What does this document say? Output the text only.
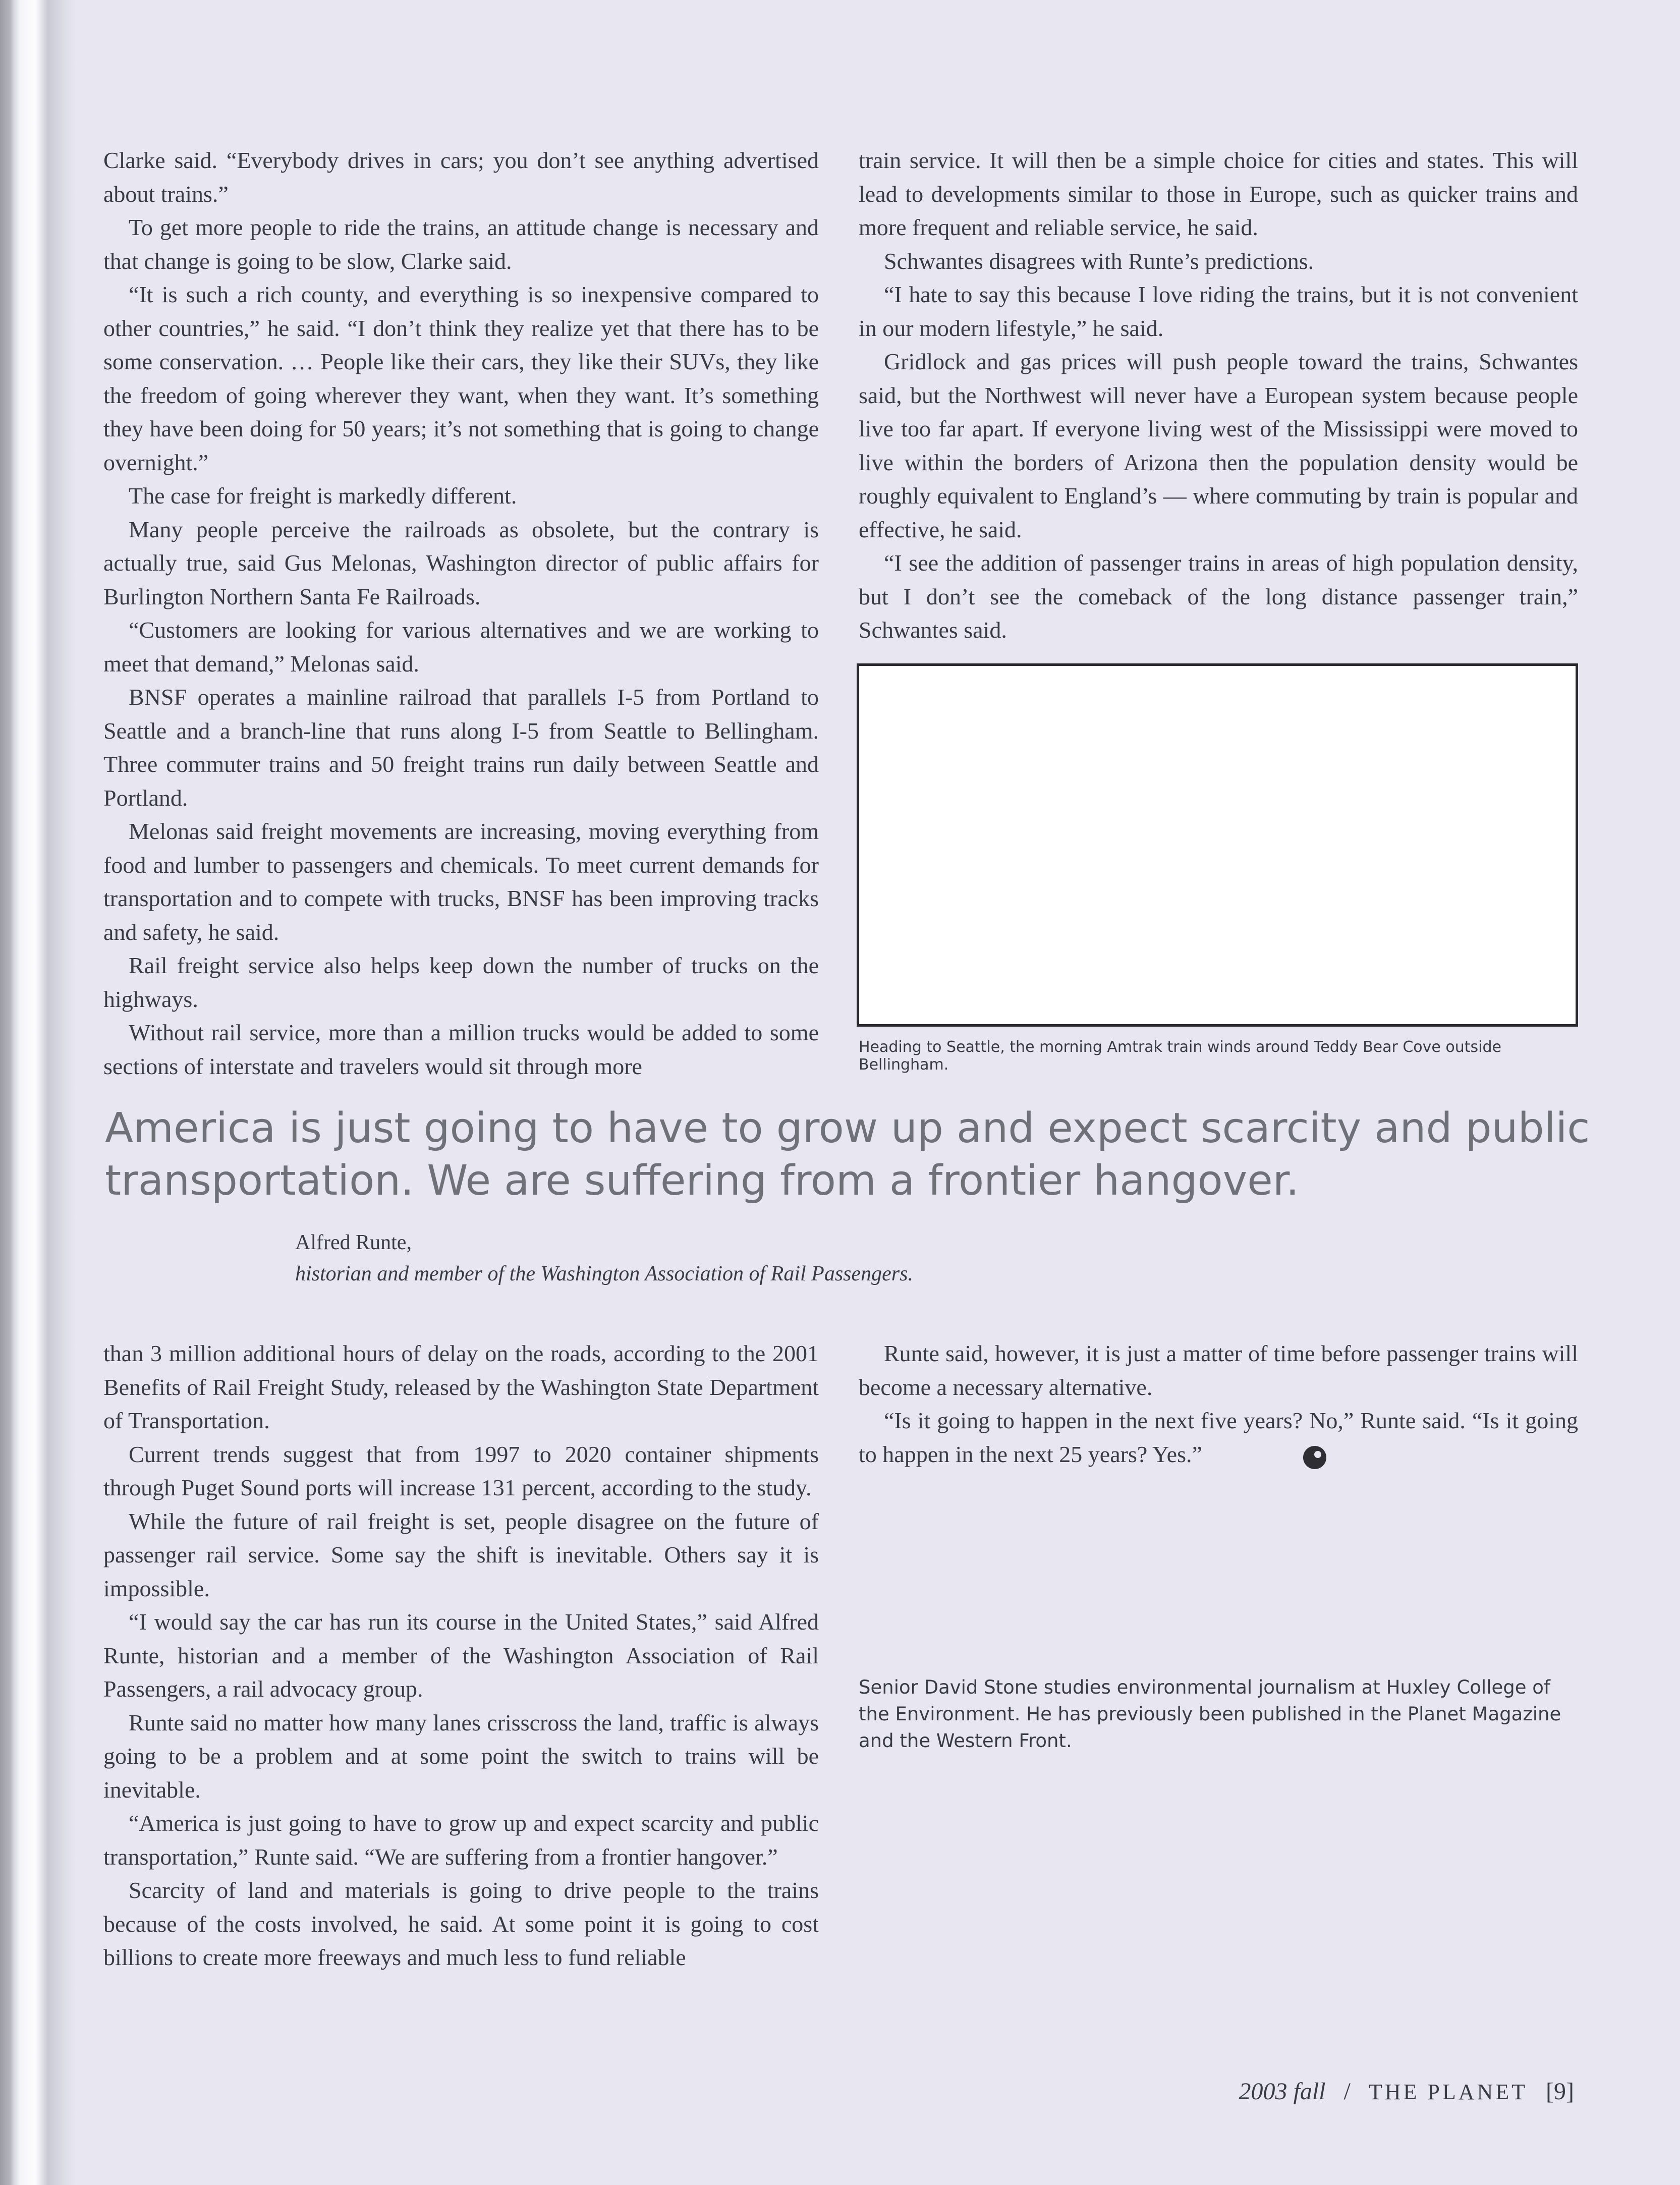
Clarke said. “Everybody drives in cars; you don’t see anything advertised about trains.”

To get more people to ride the trains, an attitude change is necessary and that change is going to be slow, Clarke said.

“It is such a rich county, and everything is so inexpensive compared to other countries,” he said. “I don’t think they realize yet that there has to be some conservation. … People like their cars, they like their SUVs, they like the freedom of going wherever they want, when they want. It’s something they have been doing for 50 years; it’s not something that is going to change overnight.”

The case for freight is markedly different.

Many people perceive the railroads as obsolete, but the contrary is actually true, said Gus Melonas, Washington director of public affairs for Burlington Northern Santa Fe Railroads.

“Customers are looking for various alternatives and we are working to meet that demand,” Melonas said.

BNSF operates a mainline railroad that parallels I-5 from Portland to Seattle and a branch-line that runs along I-5 from Seattle to Bellingham. Three commuter trains and 50 freight trains run daily between Seattle and Portland.

Melonas said freight movements are increasing, moving everything from food and lumber to passengers and chemicals. To meet current demands for transportation and to compete with trucks, BNSF has been improving tracks and safety, he said.

Rail freight service also helps keep down the number of trucks on the highways.

Without rail service, more than a million trucks would be added to some sections of interstate and travelers would sit through more

train service. It will then be a simple choice for cities and states. This will lead to developments similar to those in Europe, such as quicker trains and more frequent and reliable service, he said.

Schwantes disagrees with Runte’s predictions.

“I hate to say this because I love riding the trains, but it is not convenient in our modern lifestyle,” he said.

Gridlock and gas prices will push people toward the trains, Schwantes said, but the Northwest will never have a European system because people live too far apart. If everyone living west of the Mississippi were moved to live within the borders of Arizona then the population density would be roughly equivalent to England’s — where commuting by train is popular and effective, he said.

“I see the addition of passenger trains in areas of high population density, but I don’t see the comeback of the long distance passenger train,” Schwantes said.

Heading to Seattle, the morning Amtrak train winds around Teddy Bear Cove outside Bellingham.
America is just going to have to grow up and expect scarcity and public transportation. We are suffering from a frontier hangover.
Alfred Runte,
historian and member of the Washington Association of Rail Passengers.

than 3 million additional hours of delay on the roads, according to the 2001 Benefits of Rail Freight Study, released by the Washington State Department of Transportation.

Current trends suggest that from 1997 to 2020 container shipments through Puget Sound ports will increase 131 percent, according to the study.

While the future of rail freight is set, people disagree on the future of passenger rail service. Some say the shift is inevitable. Others say it is impossible.

“I would say the car has run its course in the United States,” said Alfred Runte, historian and a member of the Washington Association of Rail Passengers, a rail advocacy group.

Runte said no matter how many lanes crisscross the land, traffic is always going to be a problem and at some point the switch to trains will be inevitable.

“America is just going to have to grow up and expect scarcity and public transportation,” Runte said. “We are suffering from a frontier hangover.”

Scarcity of land and materials is going to drive people to the trains because of the costs involved, he said. At some point it is going to cost billions to create more freeways and much less to fund reliable

Runte said, however, it is just a matter of time before passenger trains will become a necessary alternative.

“Is it going to happen in the next five years? No,” Runte said. “Is it going to happen in the next 25 years? Yes.”

Senior David Stone studies environmental journalism at Huxley College of the Environment. He has previously been published in the Planet Magazine and the Western Front.
2003 fall / THE PLANET [9]
